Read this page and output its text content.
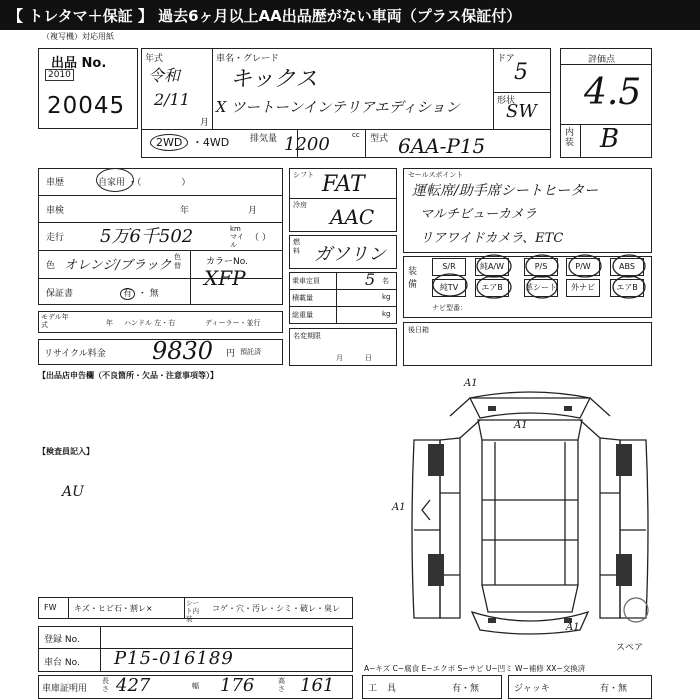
【 トレタマ＋保証 】 過去6ヶ月以上AA出品歴がない車両（プラス保証付）
（複写機）対応用紙
出品 No.
2010
20045
年式
令和
2/11
月
車名・グレード
キックス
X ツートーンインテリアエディション
ドア
5
形状
SW
2WD ・4WD 排気量 1200	cc 型式 6AA-P15
評価点
4.5
内装 B
車歴	自家用 ・（              ）
車検	年	月
走行 5万6千502	km マイル
（ ）
色 オレンジ/ブラック
色替	カラーNo.
XFP
保証書	有 ・ 無
モデル年式	年 ハンドル 左・右	ディーラー・並行
リサイクル料金 9830 円 預託済
シフト FAT
冷房 AAC
燃料 ガソリン
乗車定員	5 名
積載量	kg
総重量	kg
名変期限
月日
セールスポイント
運転席/助手席シートヒーター
マルチビューカメラ
リアワイドカメラ、ETC
装備
S/R	純A/W	P/S	P/W	ABS
純TV	エアB	革シート	外ナビ	エアB
ナビ型番：
後日箱
【出品店申告欄（不良箇所・欠品・注意事項等）】
【検査員記入】
AU
A1
A1
A1
A1
スペア
FW キズ・ヒビ石・割レ×
シート内装
コゲ・穴・汚レ・シミ・破レ・臭レ
登録 No.
車台 No. P15-016189
車庫証明用
長さ 427	幅 176	高さ 161
A−キズ C−腐食 E−エクボ S−サビ U−凹ミ W−補修 XX−交換済
工具	有・無	ジャッキ	有・無
